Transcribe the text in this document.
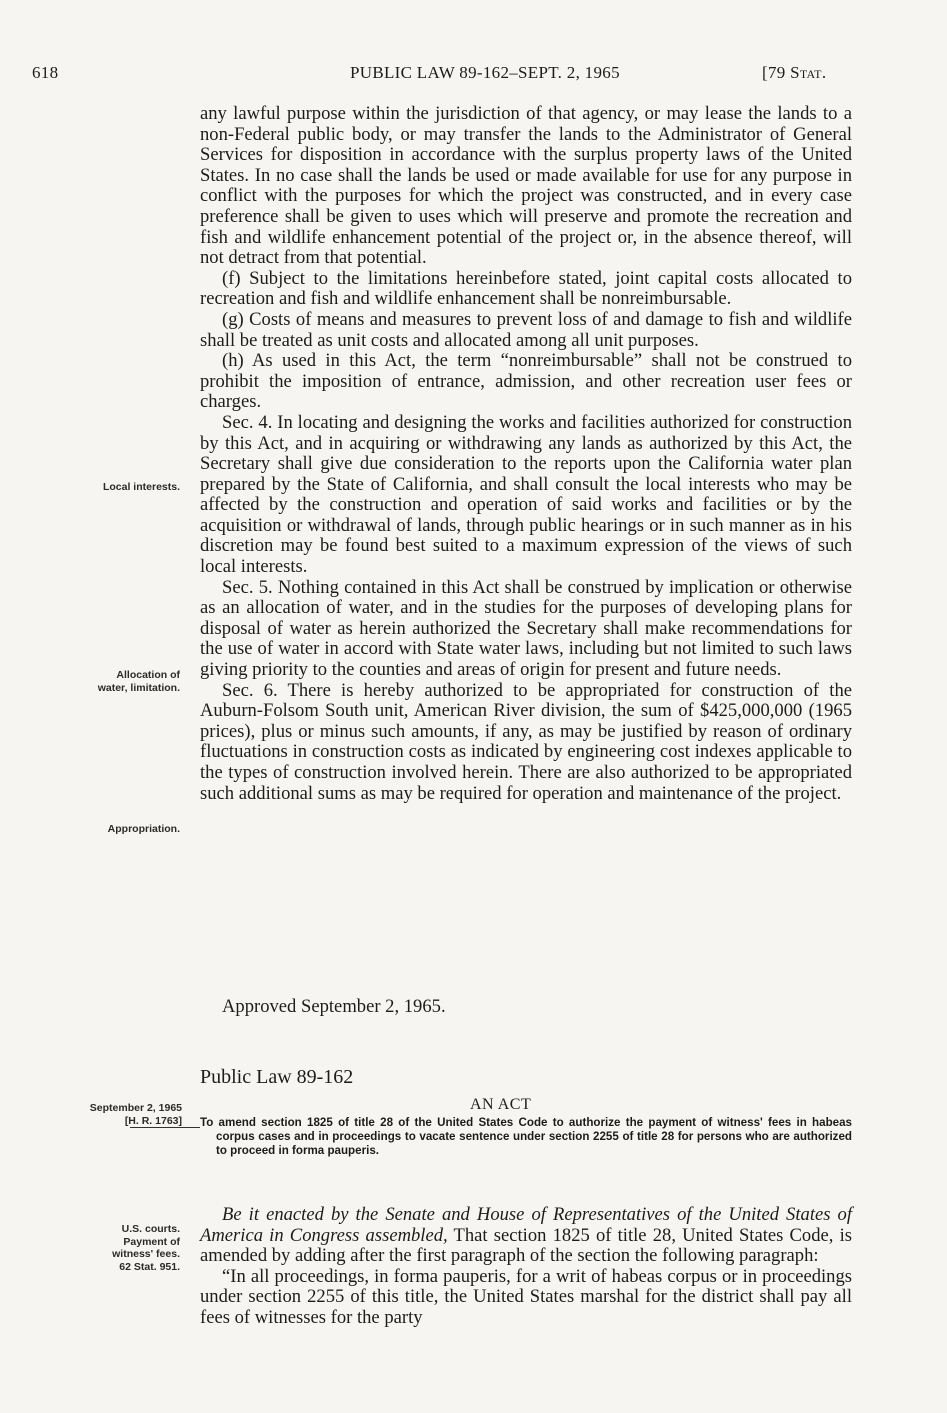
618	PUBLIC LAW 89-162–SEPT. 2, 1965	[79 Stat.

any lawful purpose within the jurisdiction of that agency, or may lease the lands to a non-Federal public body, or may transfer the lands to the Administrator of General Services for disposition in accordance with the surplus property laws of the United States. In no case shall the lands be used or made available for use for any purpose in conflict with the purposes for which the project was constructed, and in every case preference shall be given to uses which will preserve and promote the recreation and fish and wildlife enhancement potential of the project or, in the absence thereof, will not detract from that potential.

(f) Subject to the limitations hereinbefore stated, joint capital costs allocated to recreation and fish and wildlife enhancement shall be nonreimbursable.

(g) Costs of means and measures to prevent loss of and damage to fish and wildlife shall be treated as unit costs and allocated among all unit purposes.

(h) As used in this Act, the term “nonreimbursable” shall not be construed to prohibit the imposition of entrance, admission, and other recreation user fees or charges.

Sec. 4. In locating and designing the works and facilities authorized for construction by this Act, and in acquiring or withdrawing any lands as authorized by this Act, the Secretary shall give due consideration to the reports upon the California water plan prepared by the State of California, and shall consult the local interests who may be affected by the construction and operation of said works and facilities or by the acquisition or withdrawal of lands, through public hearings or in such manner as in his discretion may be found best suited to a maximum expression of the views of such local interests.

Sec. 5. Nothing contained in this Act shall be construed by implication or otherwise as an allocation of water, and in the studies for the purposes of developing plans for disposal of water as herein authorized the Secretary shall make recommendations for the use of water in accord with State water laws, including but not limited to such laws giving priority to the counties and areas of origin for present and future needs.

Sec. 6. There is hereby authorized to be appropriated for construction of the Auburn-Folsom South unit, American River division, the sum of $425,000,000 (1965 prices), plus or minus such amounts, if any, as may be justified by reason of ordinary fluctuations in construction costs as indicated by engineering cost indexes applicable to the types of construction involved herein. There are also authorized to be appropriated such additional sums as may be required for operation and maintenance of the project.

Local interests.
Allocation of
water, limitation.
Appropriation.
Approved September 2, 1965.
Public Law 89-162
AN ACT
September 2, 1965
[H. R. 1763] To amend section 1825 of title 28 of the United States Code to authorize the payment of witness' fees in habeas corpus cases and in proceedings to vacate sentence under section 2255 of title 28 for persons who are authorized to proceed in forma pauperis.
U.S. courts.
Payment of
witness' fees.
62 Stat. 951.

Be it enacted by the Senate and House of Representatives of the United States of America in Congress assembled, That section 1825 of title 28, United States Code, is amended by adding after the first paragraph of the section the following paragraph:

“In all proceedings, in forma pauperis, for a writ of habeas corpus or in proceedings under section 2255 of this title, the United States marshal for the district shall pay all fees of witnesses for the party
